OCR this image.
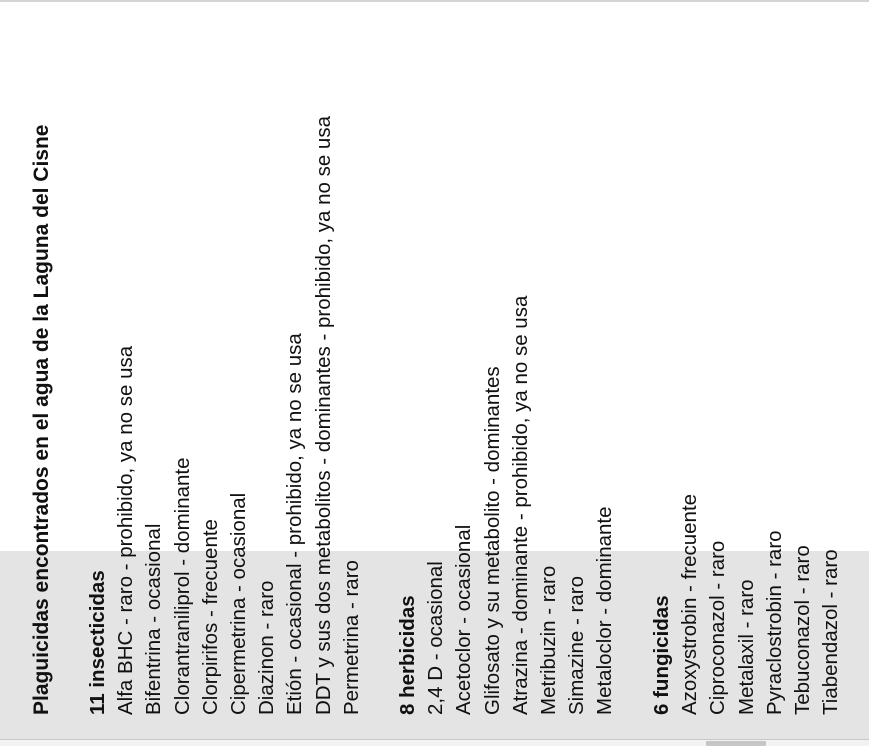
Plaguicidas encontrados en el agua de la Laguna del Cisne 11 insecticidas Alfa BHC - raro - prohibido, ya no se usa Bifentrina - ocasional Clorantraniliprol - dominante Clorpirifos - frecuente Cipermetrina - ocasional Diazinon - raro Etión - ocasional - prohibido, ya no se usa DDT y sus dos metabolitos - dominantes - prohibido, ya no se usa Permetrina - raro 8 herbicidas 2,4 D - ocasional Acetoclor - ocasional Glifosato y su metabolito - dominantes Atrazina - dominante - prohibido, ya no se usa Metribuzin - raro Simazine - raro Metaloclor - dominante 6 fungicidas Azoxystrobin - frecuente Ciproconazol - raro Metalaxil - raro Pyraclostrobin - raro Tebuconazol - raro Tiabendazol - raro
